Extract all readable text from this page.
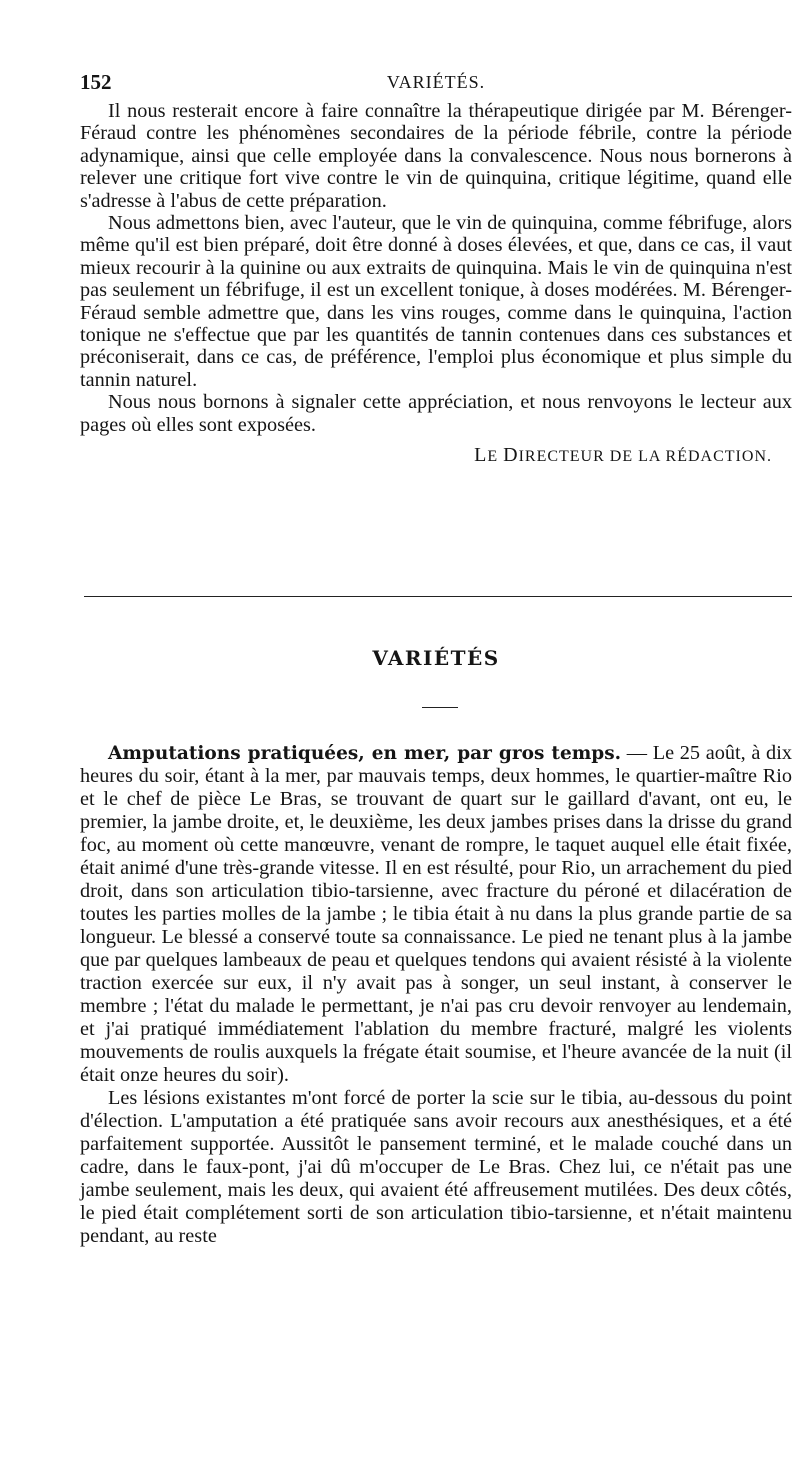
152	VARIÉTÉS.

Il nous resterait encore à faire connaître la thérapeutique dirigée par M. Bérenger-Féraud contre les phénomènes secondaires de la période fébrile, contre la période adynamique, ainsi que celle employée dans la convalescence. Nous nous bornerons à relever une critique fort vive contre le vin de quinquina, critique légitime, quand elle s'adresse à l'abus de cette préparation.

Nous admettons bien, avec l'auteur, que le vin de quinquina, comme fébrifuge, alors même qu'il est bien préparé, doit être donné à doses élevées, et que, dans ce cas, il vaut mieux recourir à la quinine ou aux extraits de quinquina. Mais le vin de quinquina n'est pas seulement un fébrifuge, il est un excellent tonique, à doses modérées. M. Bérenger-Féraud semble admettre que, dans les vins rouges, comme dans le quinquina, l'action tonique ne s'effectue que par les quantités de tannin contenues dans ces substances et préconiserait, dans ce cas, de préférence, l'emploi plus économique et plus simple du tannin naturel.

Nous nous bornons à signaler cette appréciation, et nous renvoyons le lecteur aux pages où elles sont exposées.

LE DIRECTEUR DE LA RÉDACTION.

VARIÉTÉS

Amputations pratiquées, en mer, par gros temps. — Le 25 août, à dix heures du soir, étant à la mer, par mauvais temps, deux hommes, le quartier-maître Rio et le chef de pièce Le Bras, se trouvant de quart sur le gaillard d'avant, ont eu, le premier, la jambe droite, et, le deuxième, les deux jambes prises dans la drisse du grand foc, au moment où cette manœuvre, venant de rompre, le taquet auquel elle était fixée, était animé d'une très-grande vitesse. Il en est résulté, pour Rio, un arrachement du pied droit, dans son articulation tibio-tarsienne, avec fracture du péroné et dilacération de toutes les parties molles de la jambe ; le tibia était à nu dans la plus grande partie de sa longueur. Le blessé a conservé toute sa connaissance. Le pied ne tenant plus à la jambe que par quelques lambeaux de peau et quelques tendons qui avaient résisté à la violente traction exercée sur eux, il n'y avait pas à songer, un seul instant, à conserver le membre ; l'état du malade le permettant, je n'ai pas cru devoir renvoyer au lendemain, et j'ai pratiqué immédiatement l'ablation du membre fracturé, malgré les violents mouvements de roulis auxquels la frégate était soumise, et l'heure avancée de la nuit (il était onze heures du soir).

Les lésions existantes m'ont forcé de porter la scie sur le tibia, au-dessous du point d'élection. L'amputation a été pratiquée sans avoir recours aux anesthésiques, et a été parfaitement supportée. Aussitôt le pansement terminé, et le malade couché dans un cadre, dans le faux-pont, j'ai dû m'occuper de Le Bras. Chez lui, ce n'était pas une jambe seulement, mais les deux, qui avaient été affreusement mutilées. Des deux côtés, le pied était complétement sorti de son articulation tibio-tarsienne, et n'était maintenu pendant, au reste
